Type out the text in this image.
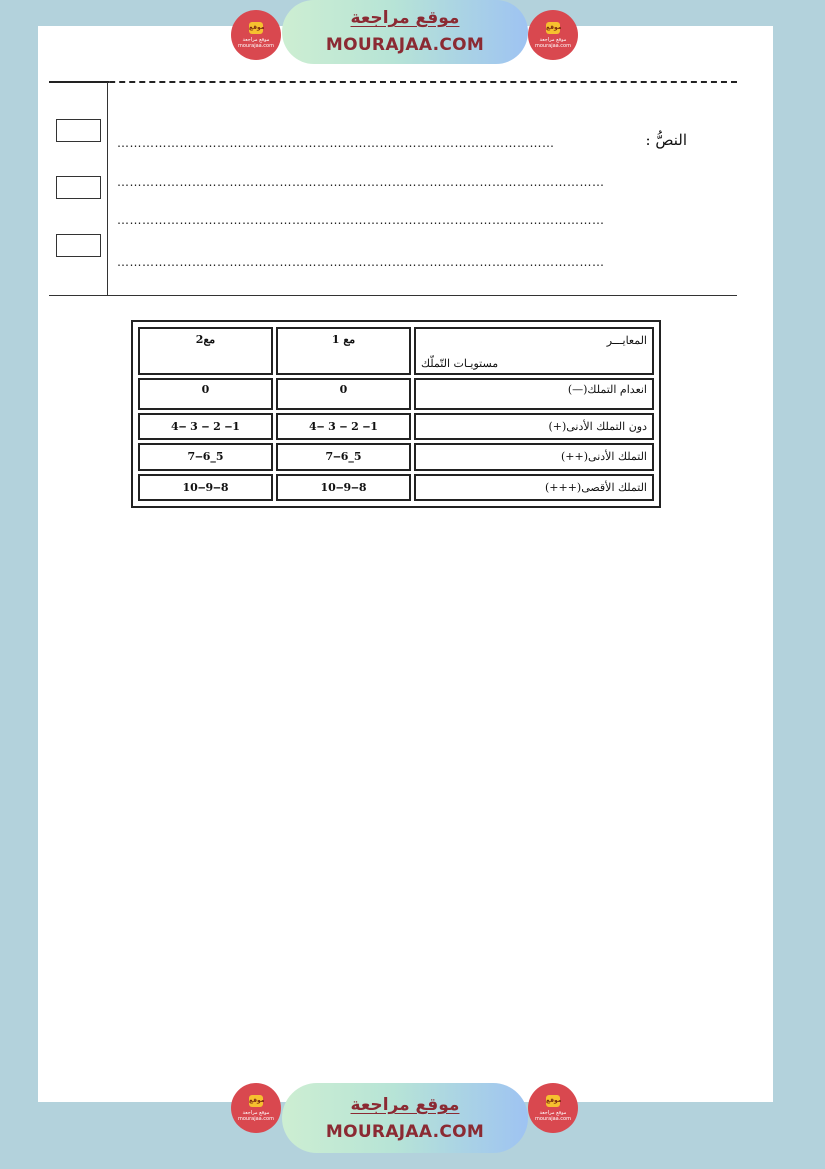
موقع
موقع مراجعة mourajaa.com
موقع مراجعة
MOURAJAA.COM
موقع
موقع مراجعة mourajaa.com
النصُّ :
……………………………………………………………………………………………
………………………………………………………………………………………………………
………………………………………………………………………………………………………
………………………………………………………………………………………………………
المعايـــر
مستويـات التّملّك	مع 1	مع2
انعدام التملك(—)	0	0
دون التملك الأدنى(+)	1‒ 2 ‒ 3 ‒4	1‒ 2 ‒ 3 ‒4
التملك الأدنى(++)	5_6‒7	5_6‒7
التملك الأقصى(+++)	8‒9‒10	8‒9‒10
موقع
موقع مراجعة mourajaa.com
موقع مراجعة
MOURAJAA.COM
موقع
موقع مراجعة mourajaa.com
